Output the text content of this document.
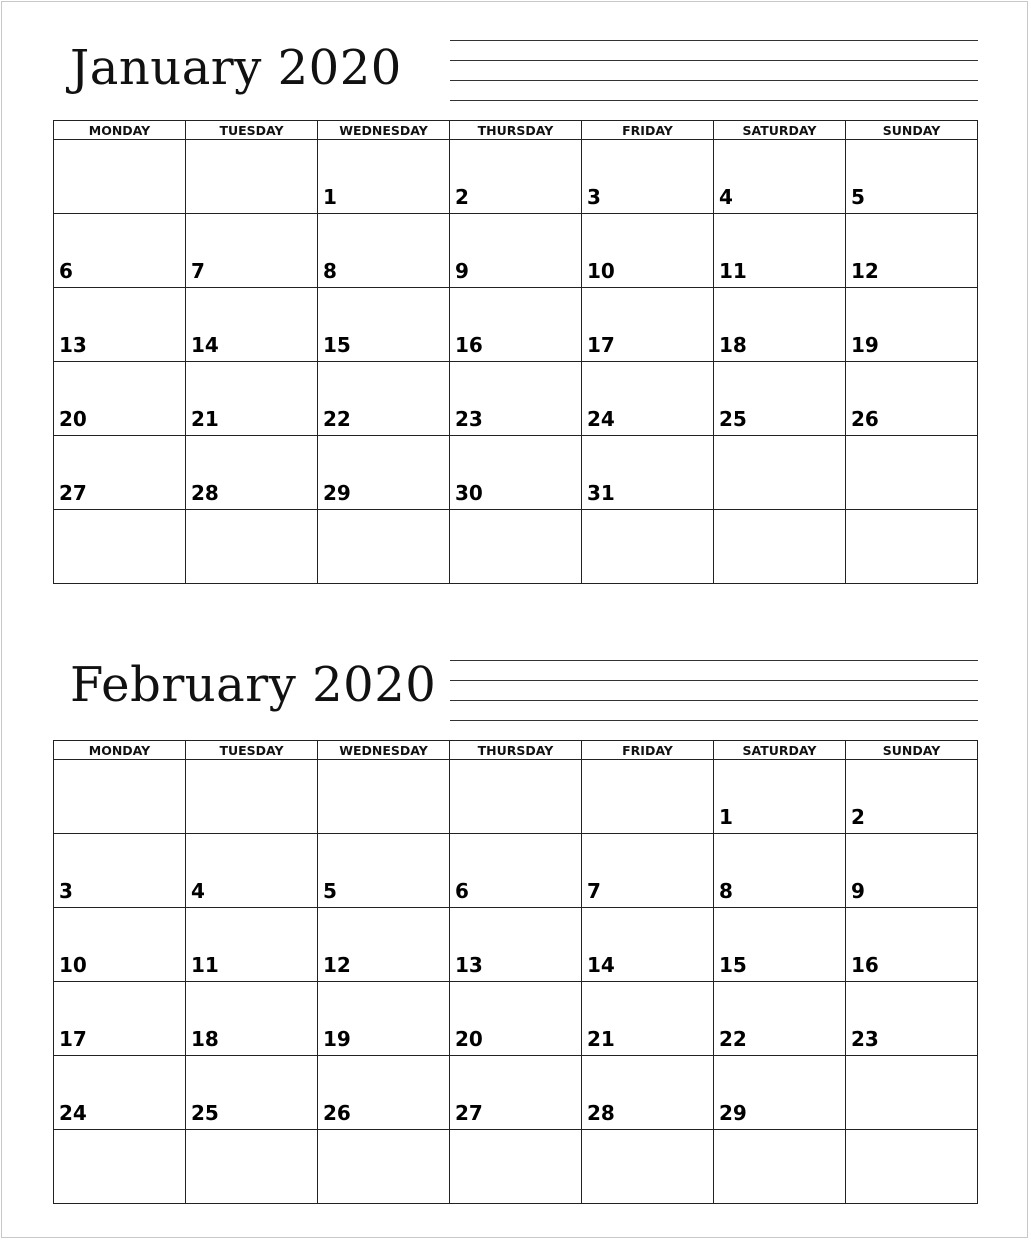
January 2020
MONDAY	TUESDAY	WEDNESDAY	THURSDAY	FRIDAY	SATURDAY	SUNDAY

		1	2	3	4	5

6	7	8	9	10	11	12

13	14	15	16	17	18	19

20	21	22	23	24	25	26

27	28	29	30	31		

February 2020
MONDAY	TUESDAY	WEDNESDAY	THURSDAY	FRIDAY	SATURDAY	SUNDAY

					1	2

3	4	5	6	7	8	9

10	11	12	13	14	15	16

17	18	19	20	21	22	23

24	25	26	27	28	29	
